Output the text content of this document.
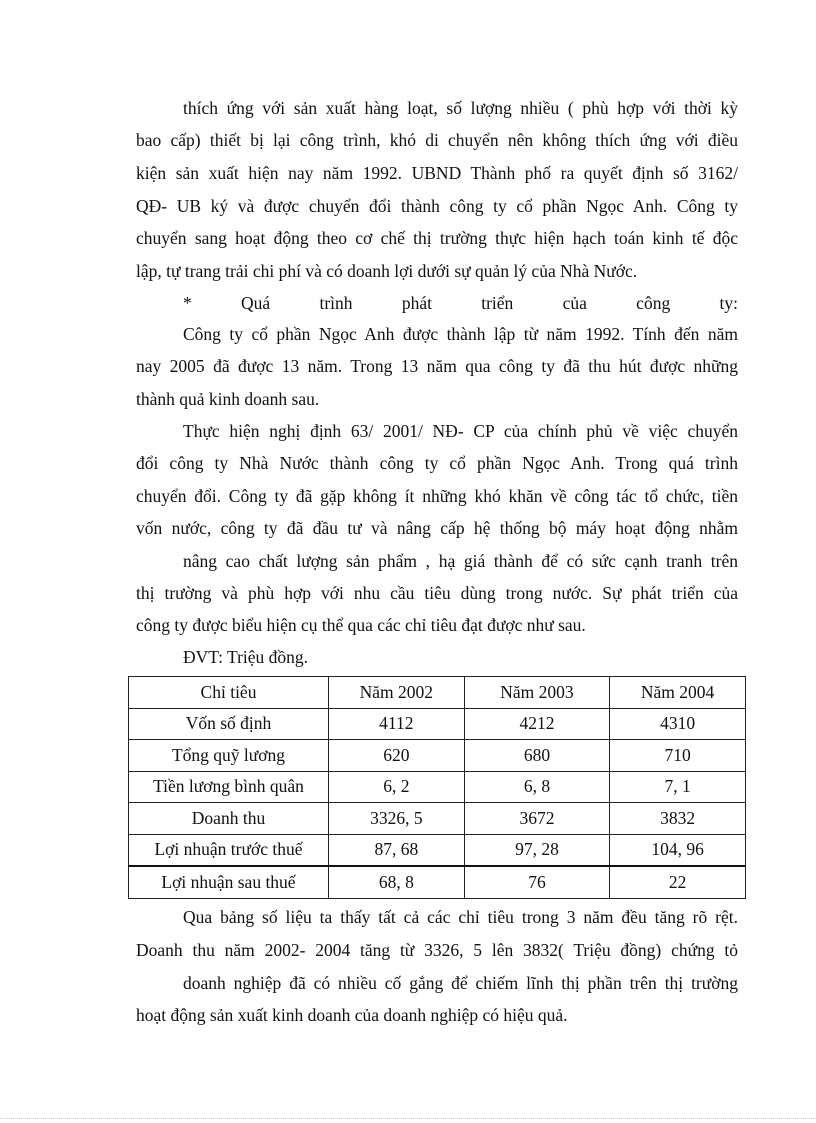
thích ứng với sản xuất hàng loạt, số lượng nhiều ( phù hợp với thời kỳ
bao cấp) thiết bị lại công trình, khó di chuyển nên không thích ứng với điều
kiện sản xuất hiện nay năm 1992. UBND Thành phố ra quyết định số 3162/
QĐ- UB ký và được chuyển đổi thành công ty cổ phần Ngọc Anh. Công ty
chuyển sang hoạt động theo cơ chế thị trường thực hiện hạch toán kinh tế độc
lập, tự trang trải chi phí và có doanh lợi dưới sự quản lý của Nhà Nước.
*	Quá	trình	phát	triển	của	công	ty:
Công ty cổ phần Ngọc Anh được thành lập từ năm 1992. Tính đến năm
nay 2005 đã được 13 năm. Trong 13 năm qua công ty đã thu hút được những
thành quả kinh doanh sau.
Thực hiện nghị định 63/ 2001/ NĐ- CP của chính phủ về việc chuyển
đổi công ty Nhà Nước thành công ty cổ phần Ngọc Anh. Trong quá trình
chuyển đổi. Công ty đã gặp không ít những khó khăn về công tác tổ chức, tiền
vốn nước, công ty đã đầu tư và nâng cấp hệ thống bộ máy hoạt động nhằm
nâng cao chất lượng sản phẩm , hạ giá thành để có sức cạnh tranh trên
thị trường và phù hợp với nhu cầu tiêu dùng trong nước. Sự phát triển của
công ty được biểu hiện cụ thể qua các chỉ tiêu đạt được như sau.
ĐVT: Triệu đồng.
Chỉ tiêu	Năm 2002	Năm 2003	Năm 2004
Vốn số định	4112	4212	4310
Tổng quỹ lương	620	680	710
Tiền lương bình quân	6, 2	6, 8	7, 1
Doanh thu	3326, 5	3672	3832
Lợi nhuận trước thuế	87, 68	97, 28	104, 96
Lợi nhuận sau thuế	68, 8	76	22
Qua bảng số liệu ta thấy tất cả các chỉ tiêu trong 3 năm đều tăng rõ rệt.
Doanh thu năm 2002- 2004 tăng từ 3326, 5 lên 3832( Triệu đồng) chứng tỏ
doanh nghiệp đã có nhiều cố gắng để chiếm lĩnh thị phần trên thị trường
hoạt động sản xuất kinh doanh của doanh nghiệp có hiệu quả.
